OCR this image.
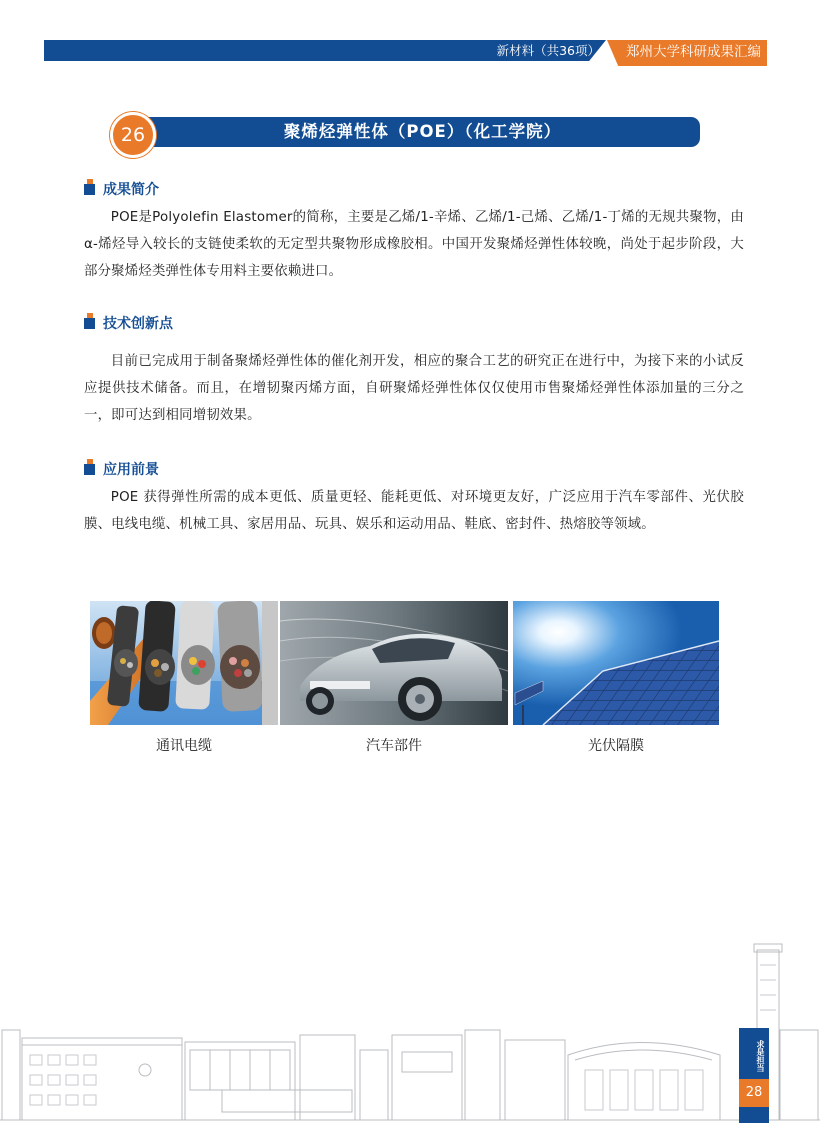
新材料（共36项）	郑州大学科研成果汇编
26	聚烯烃弹性体（POE）（化工学院）
成果简介
POE是Polyolefin Elastomer的简称，主要是乙烯/1-辛烯、乙烯/1-己烯、乙烯/1-丁烯的无规共聚物，由α-烯烃导入较长的支链使柔软的无定型共聚物形成橡胶相。中国开发聚烯烃弹性体较晚，尚处于起步阶段，大部分聚烯烃类弹性体专用料主要依赖进口。
技术创新点
目前已完成用于制备聚烯烃弹性体的催化剂开发，相应的聚合工艺的研究正在进行中，为接下来的小试反应提供技术储备。而且，在增韧聚丙烯方面，自研聚烯烃弹性体仅仅使用市售聚烯烃弹性体添加量的三分之一，即可达到相同增韧效果。
应用前景
POE 获得弹性所需的成本更低、质量更轻、能耗更低、对环境更友好，广泛应用于汽车零部件、光伏胶膜、电线电缆、机械工具、家居用品、玩具、娱乐和运动用品、鞋底、密封件、热熔胶等领域。
通讯电缆	汽车部件	光伏隔膜
求是担当
28
